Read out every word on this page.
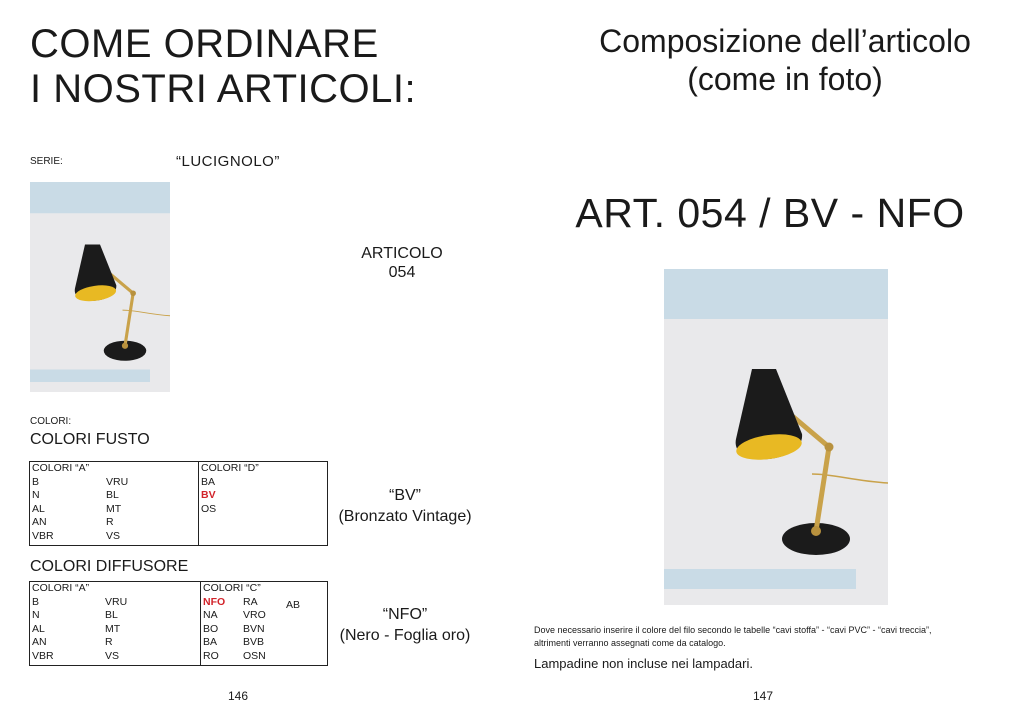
COME ORDINARE
I NOSTRI ARTICOLI:
SERIE:	“LUCIGNOLO”
ARTICOLO
054
COLORI:
COLORI FUSTO
COLORI “A”
B
N
AL
AN
VBR
VRU
BL
MT
R
VS
COLORI “D”
BA
BV
OS
“BV”
(Bronzato Vintage)
COLORI DIFFUSORE
COLORI “A”
B
N
AL
AN
VBR
VRU
BL
MT
R
VS
COLORI “C”
NFO
NA
BO
BA
RO
RA
VRO
BVN
BVB
OSN
AB
“NFO”
(Nero - Foglia oro)
146
Composizione dell’articolo
(come in foto)
ART. 054 / BV - NFO
Dove necessario inserire il colore del filo secondo le tabelle “cavi stoffa” - “cavi PVC” - “cavi treccia”,
altrimenti verranno assegnati come da catalogo.
Lampadine non incluse nei lampadari.
147
